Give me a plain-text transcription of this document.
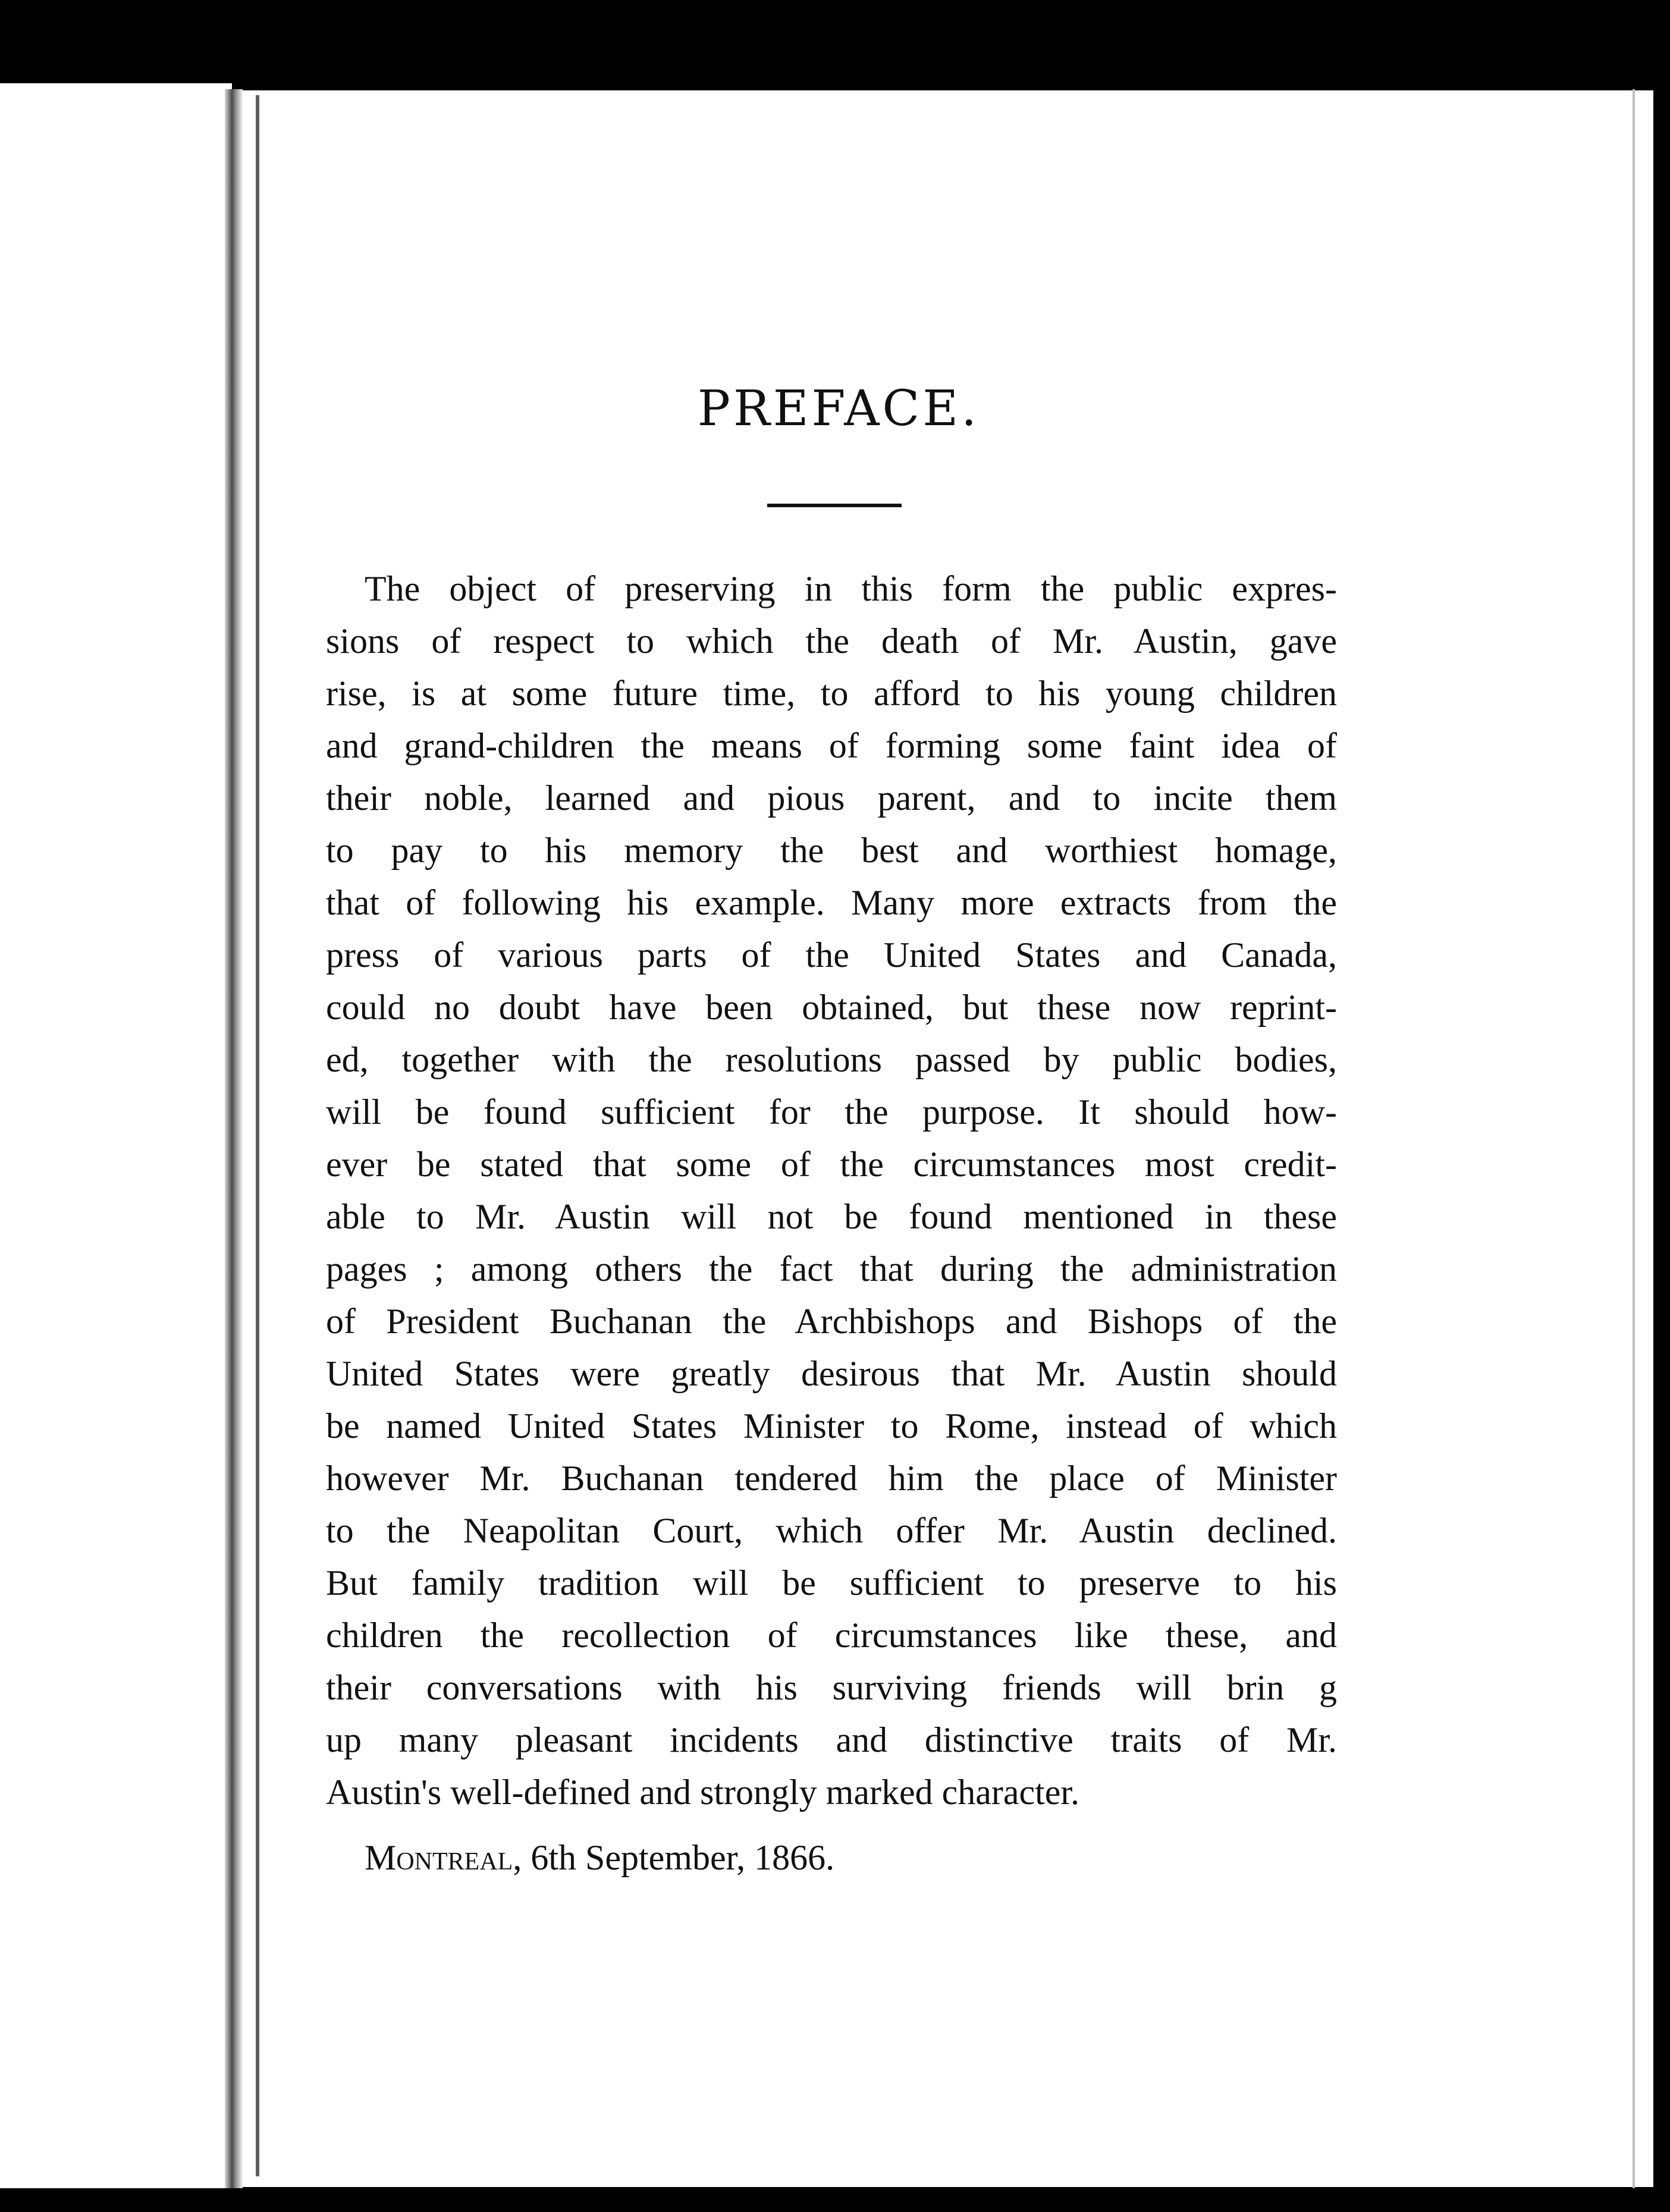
PREFACE.
The object of preserving in this form the public expres-
sions of respect to which the death of Mr. Austin, gave
rise, is at some future time, to afford to his young children
and grand-children the means of forming some faint idea of
their noble, learned and pious parent, and to incite them
to pay to his memory the best and worthiest homage,
that of following his example. Many more extracts from the
press of various parts of the United States and Canada,
could no doubt have been obtained, but these now reprint-
ed, together with the resolutions passed by public bodies,
will be found sufficient for the purpose. It should how-
ever be stated that some of the circumstances most credit-
able to Mr. Austin will not be found mentioned in these
pages ; among others the fact that during the administration
of President Buchanan the Archbishops and Bishops of the
United States were greatly desirous that Mr. Austin should
be named United States Minister to Rome, instead of which
however Mr. Buchanan tendered him the place of Minister
to the Neapolitan Court, which offer Mr. Austin declined.
But family tradition will be sufficient to preserve to his
children the recollection of circumstances like these, and
their conversations with his surviving friends will brin g
up many pleasant incidents and distinctive traits of Mr.
Austin's well-defined and strongly marked character.
Montreal, 6th September, 1866.
